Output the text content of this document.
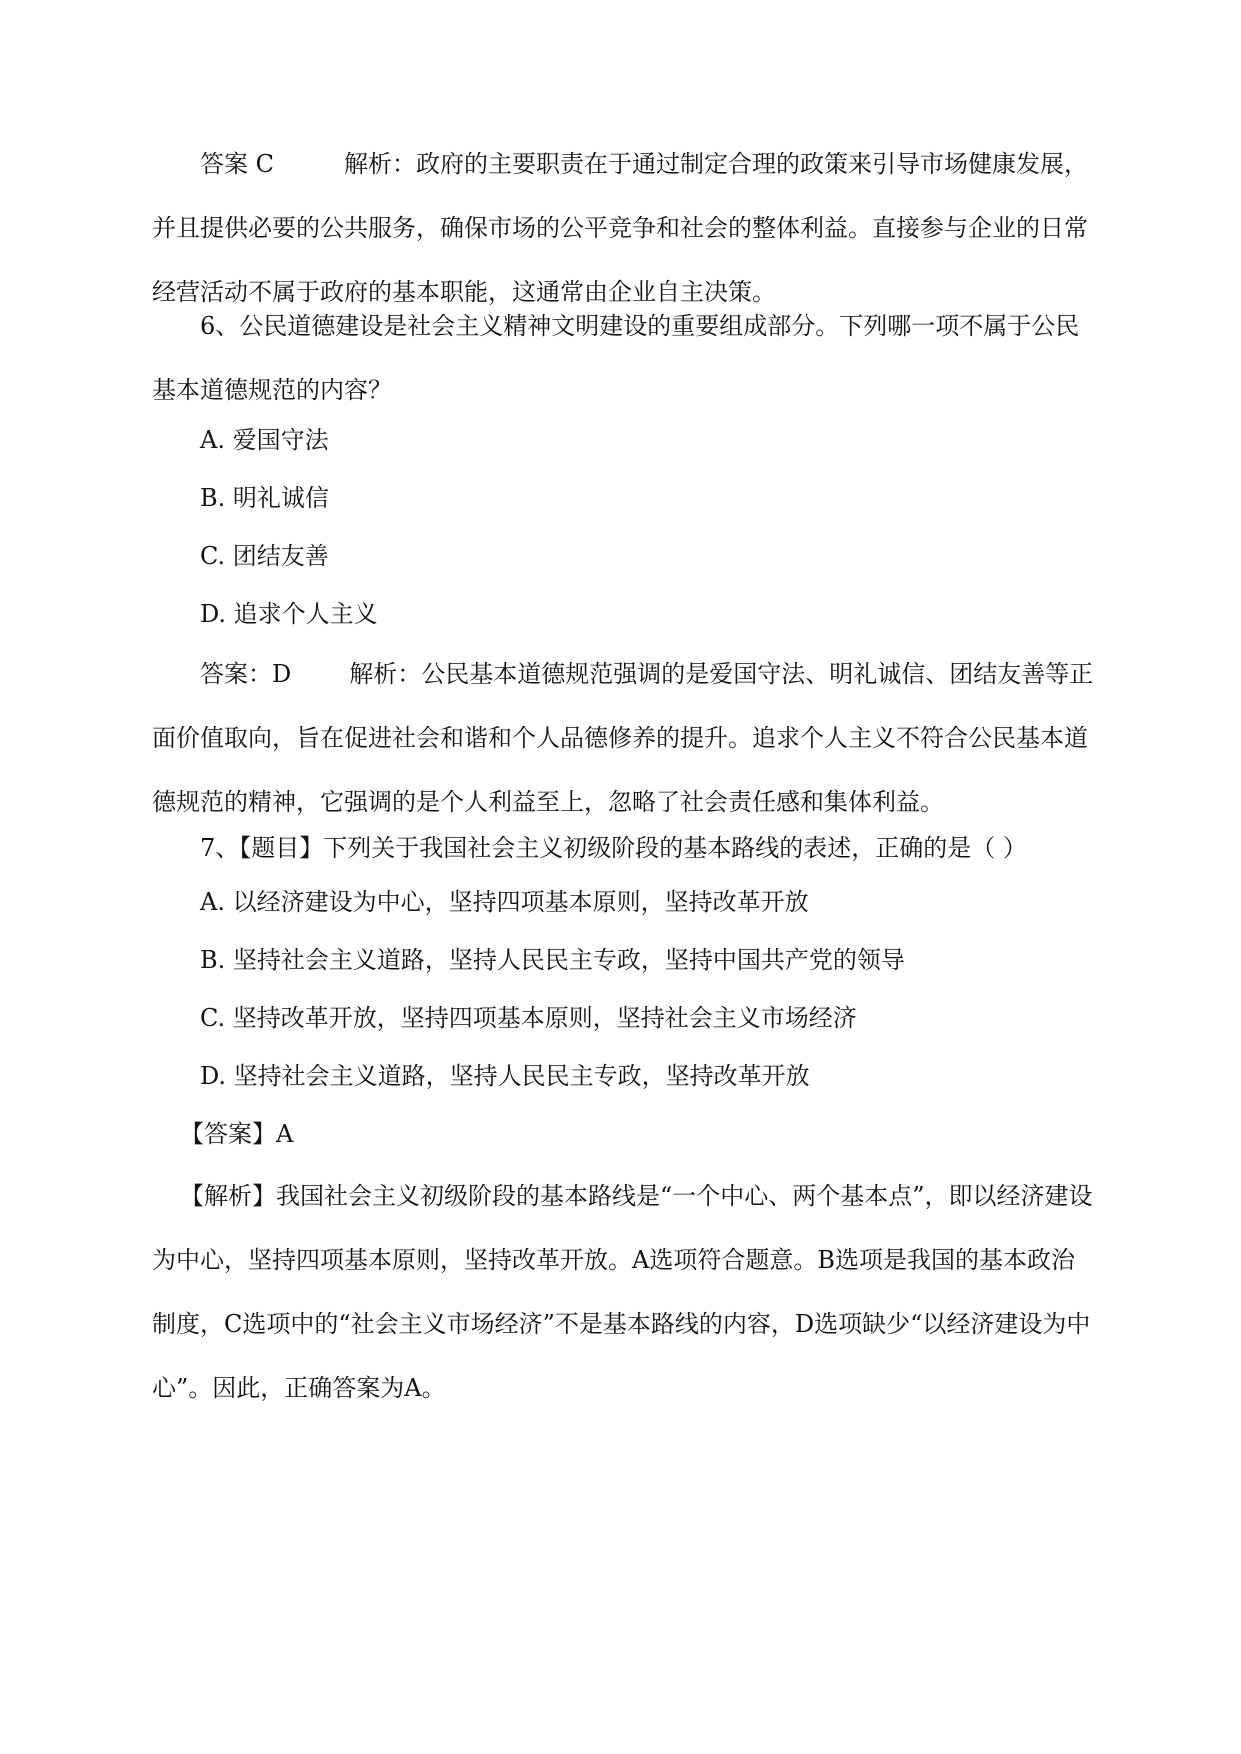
答案 C	解析：政府的主要职责在于通过制定合理的政策来引导市场健康发展，并且提供必要的公共服务，确保市场的公平竞争和社会的整体利益。直接参与企业的日常经营活动不属于政府的基本职能，这通常由企业自主决策。

6、公民道德建设是社会主义精神文明建设的重要组成部分。下列哪一项不属于公民基本道德规范的内容？

A. 爱国守法

B. 明礼诚信

C. 团结友善

D. 追求个人主义

答案：D 解析：公民基本道德规范强调的是爱国守法、明礼诚信、团结友善等正面价值取向，旨在促进社会和谐和个人品德修养的提升。追求个人主义不符合公民基本道德规范的精神，它强调的是个人利益至上，忽略了社会责任感和集体利益。

7、【题目】下列关于我国社会主义初级阶段的基本路线的表述，正确的是（ ）

A. 以经济建设为中心，坚持四项基本原则，坚持改革开放

B. 坚持社会主义道路，坚持人民民主专政，坚持中国共产党的领导

C. 坚持改革开放，坚持四项基本原则，坚持社会主义市场经济

D. 坚持社会主义道路，坚持人民民主专政，坚持改革开放

【答案】A

【解析】我国社会主义初级阶段的基本路线是“一个中心、两个基本点”，即以经济建设为中心，坚持四项基本原则，坚持改革开放。A选项符合题意。B选项是我国的基本政治制度，C选项中的“社会主义市场经济”不是基本路线的内容，D选项缺少“以经济建设为中心”。因此，正确答案为A。
